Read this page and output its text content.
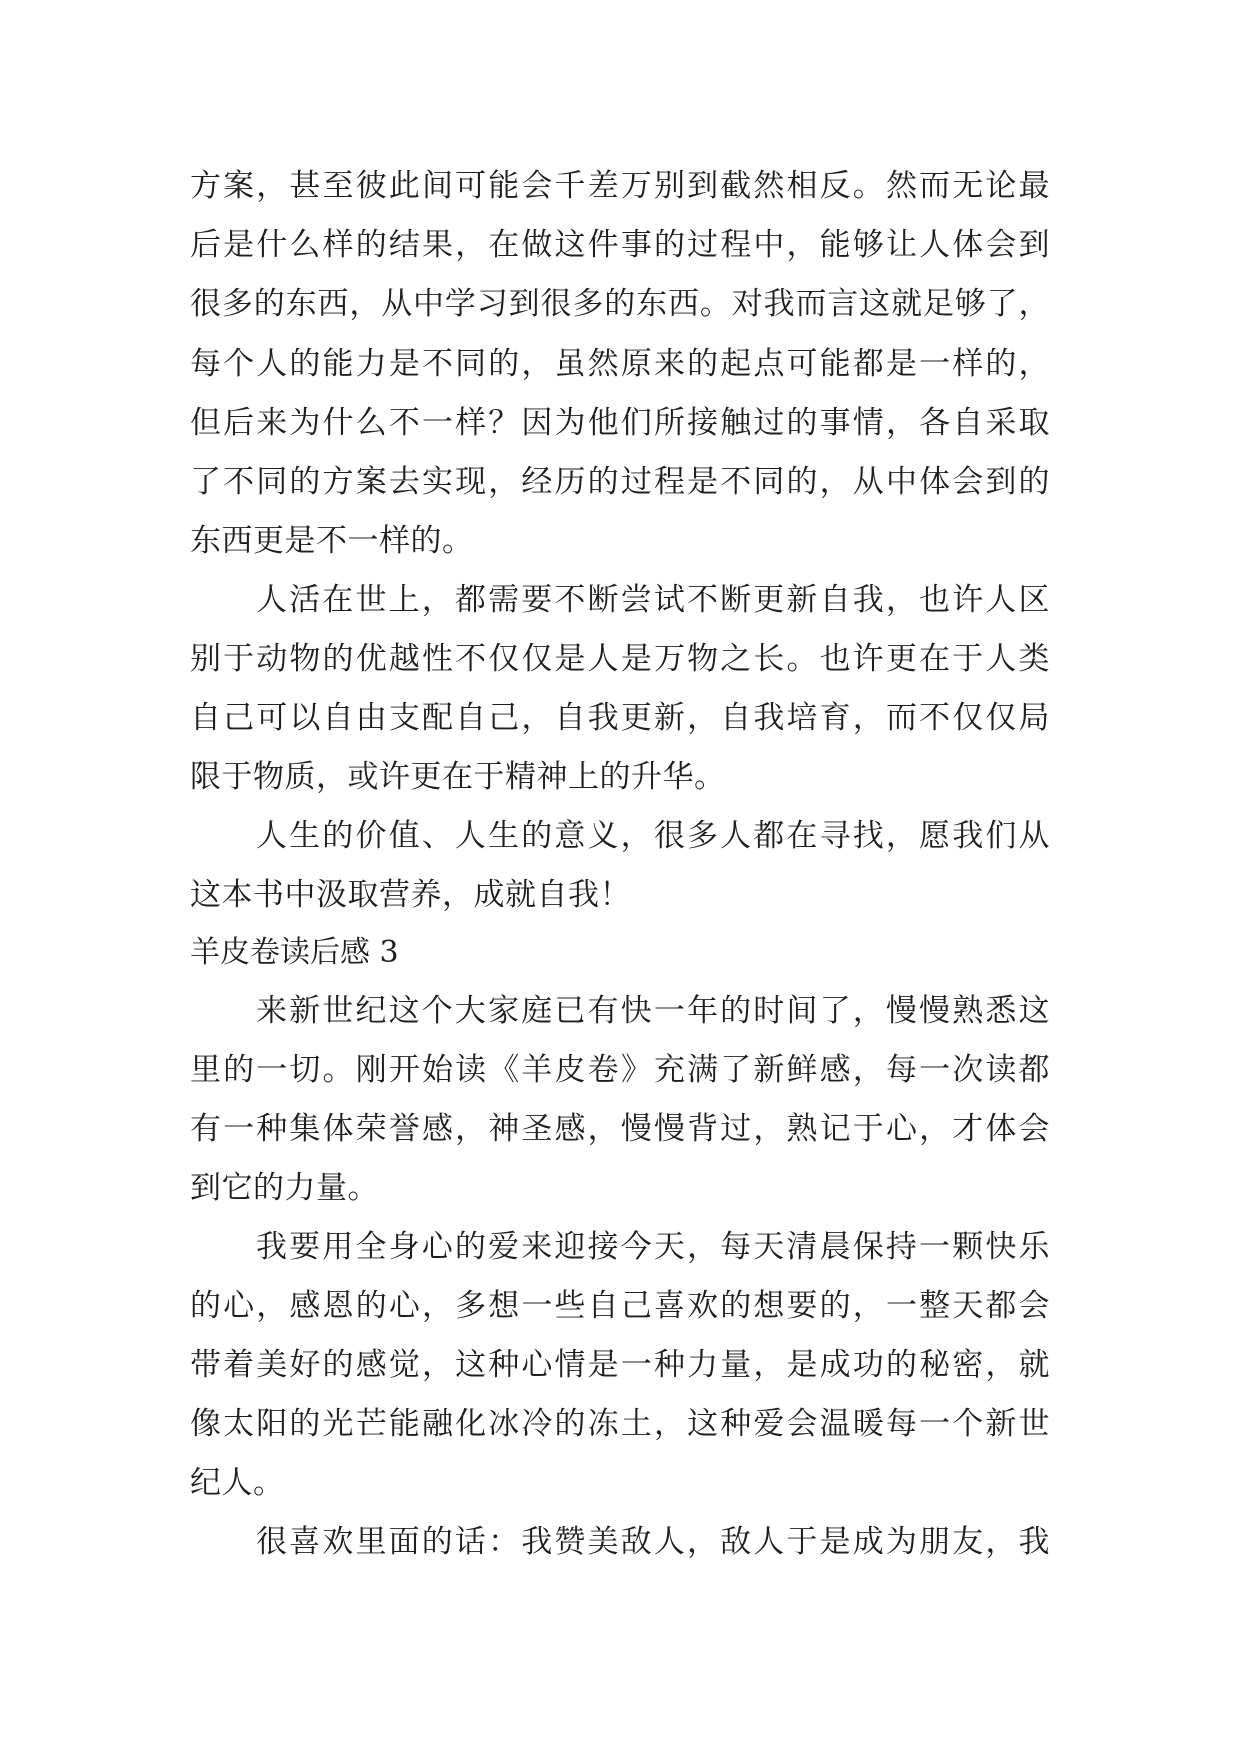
方案，甚至彼此间可能会千差万别到截然相反。然而无论最
后是什么样的结果，在做这件事的过程中，能够让人体会到
很多的东西，从中学习到很多的东西。对我而言这就足够了，
每个人的能力是不同的，虽然原来的起点可能都是一样的，
但后来为什么不一样？因为他们所接触过的事情，各自采取
了不同的方案去实现，经历的过程是不同的，从中体会到的
东西更是不一样的。
人活在世上，都需要不断尝试不断更新自我，也许人区
别于动物的优越性不仅仅是人是万物之长。也许更在于人类
自己可以自由支配自己，自我更新，自我培育，而不仅仅局
限于物质，或许更在于精神上的升华。
人生的价值、人生的意义，很多人都在寻找，愿我们从
这本书中汲取营养，成就自我！
羊皮卷读后感 3
来新世纪这个大家庭已有快一年的时间了，慢慢熟悉这
里的一切。刚开始读《羊皮卷》充满了新鲜感，每一次读都
有一种集体荣誉感，神圣感，慢慢背过，熟记于心，才体会
到它的力量。
我要用全身心的爱来迎接今天，每天清晨保持一颗快乐
的心，感恩的心，多想一些自己喜欢的想要的，一整天都会
带着美好的感觉，这种心情是一种力量，是成功的秘密，就
像太阳的光芒能融化冰冷的冻土，这种爱会温暖每一个新世
纪人。
很喜欢里面的话：我赞美敌人，敌人于是成为朋友，我
